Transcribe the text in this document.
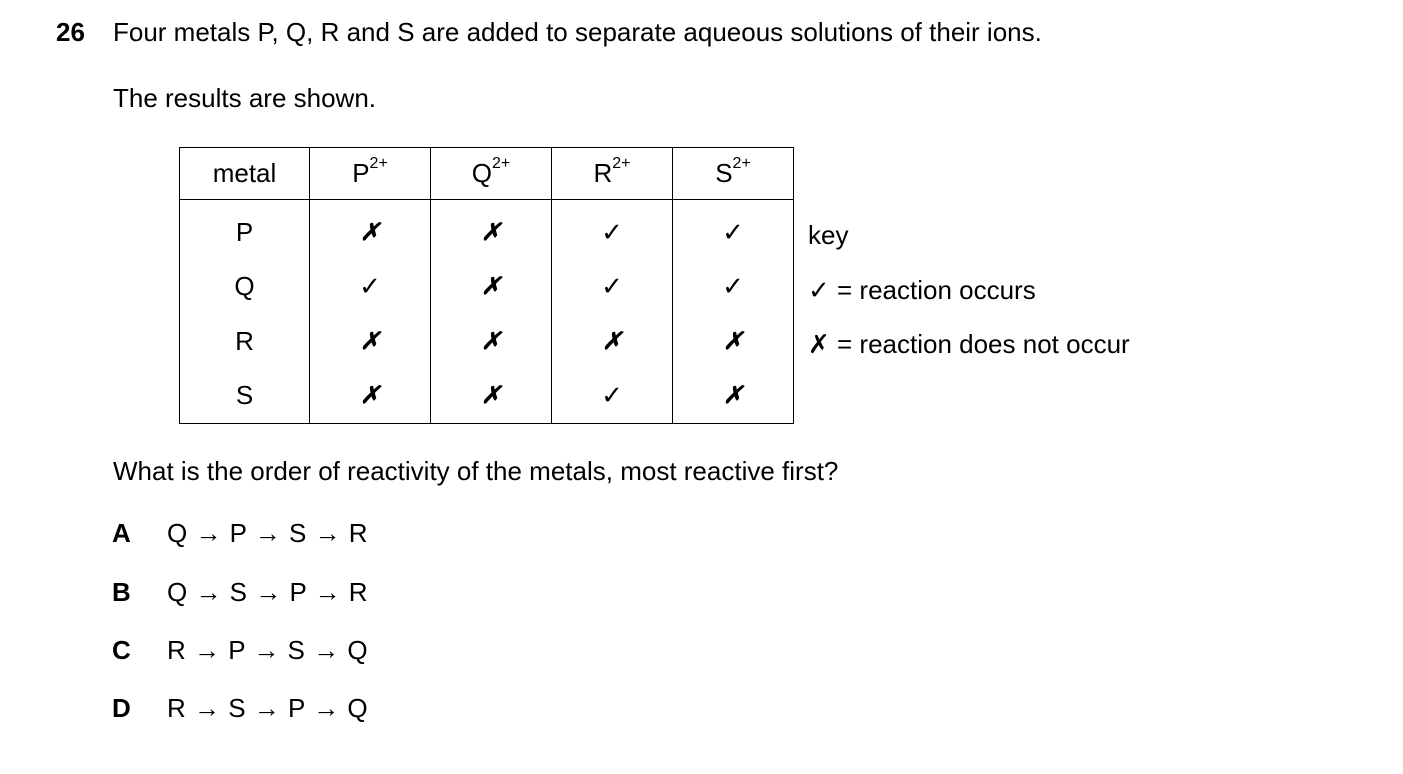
26 Four metals P, Q, R and S are added to separate aqueous solutions of their ions.
The results are shown.
metal	$P^{2+}$	$Q^{2+}$	$R^{2+}$	$S^{2+}$
P	✗	✗	✓	✓
Q	✓	✗	✓	✓
R	✗	✗	✗	✗
S	✗	✗	✓	✗
key
✓ = reaction occurs
✗ = reaction does not occur
What is the order of reactivity of the metals, most reactive first?
A Q → P → S → R
B Q → S → P → R
C R → P → S → Q
D R → S → P → Q
